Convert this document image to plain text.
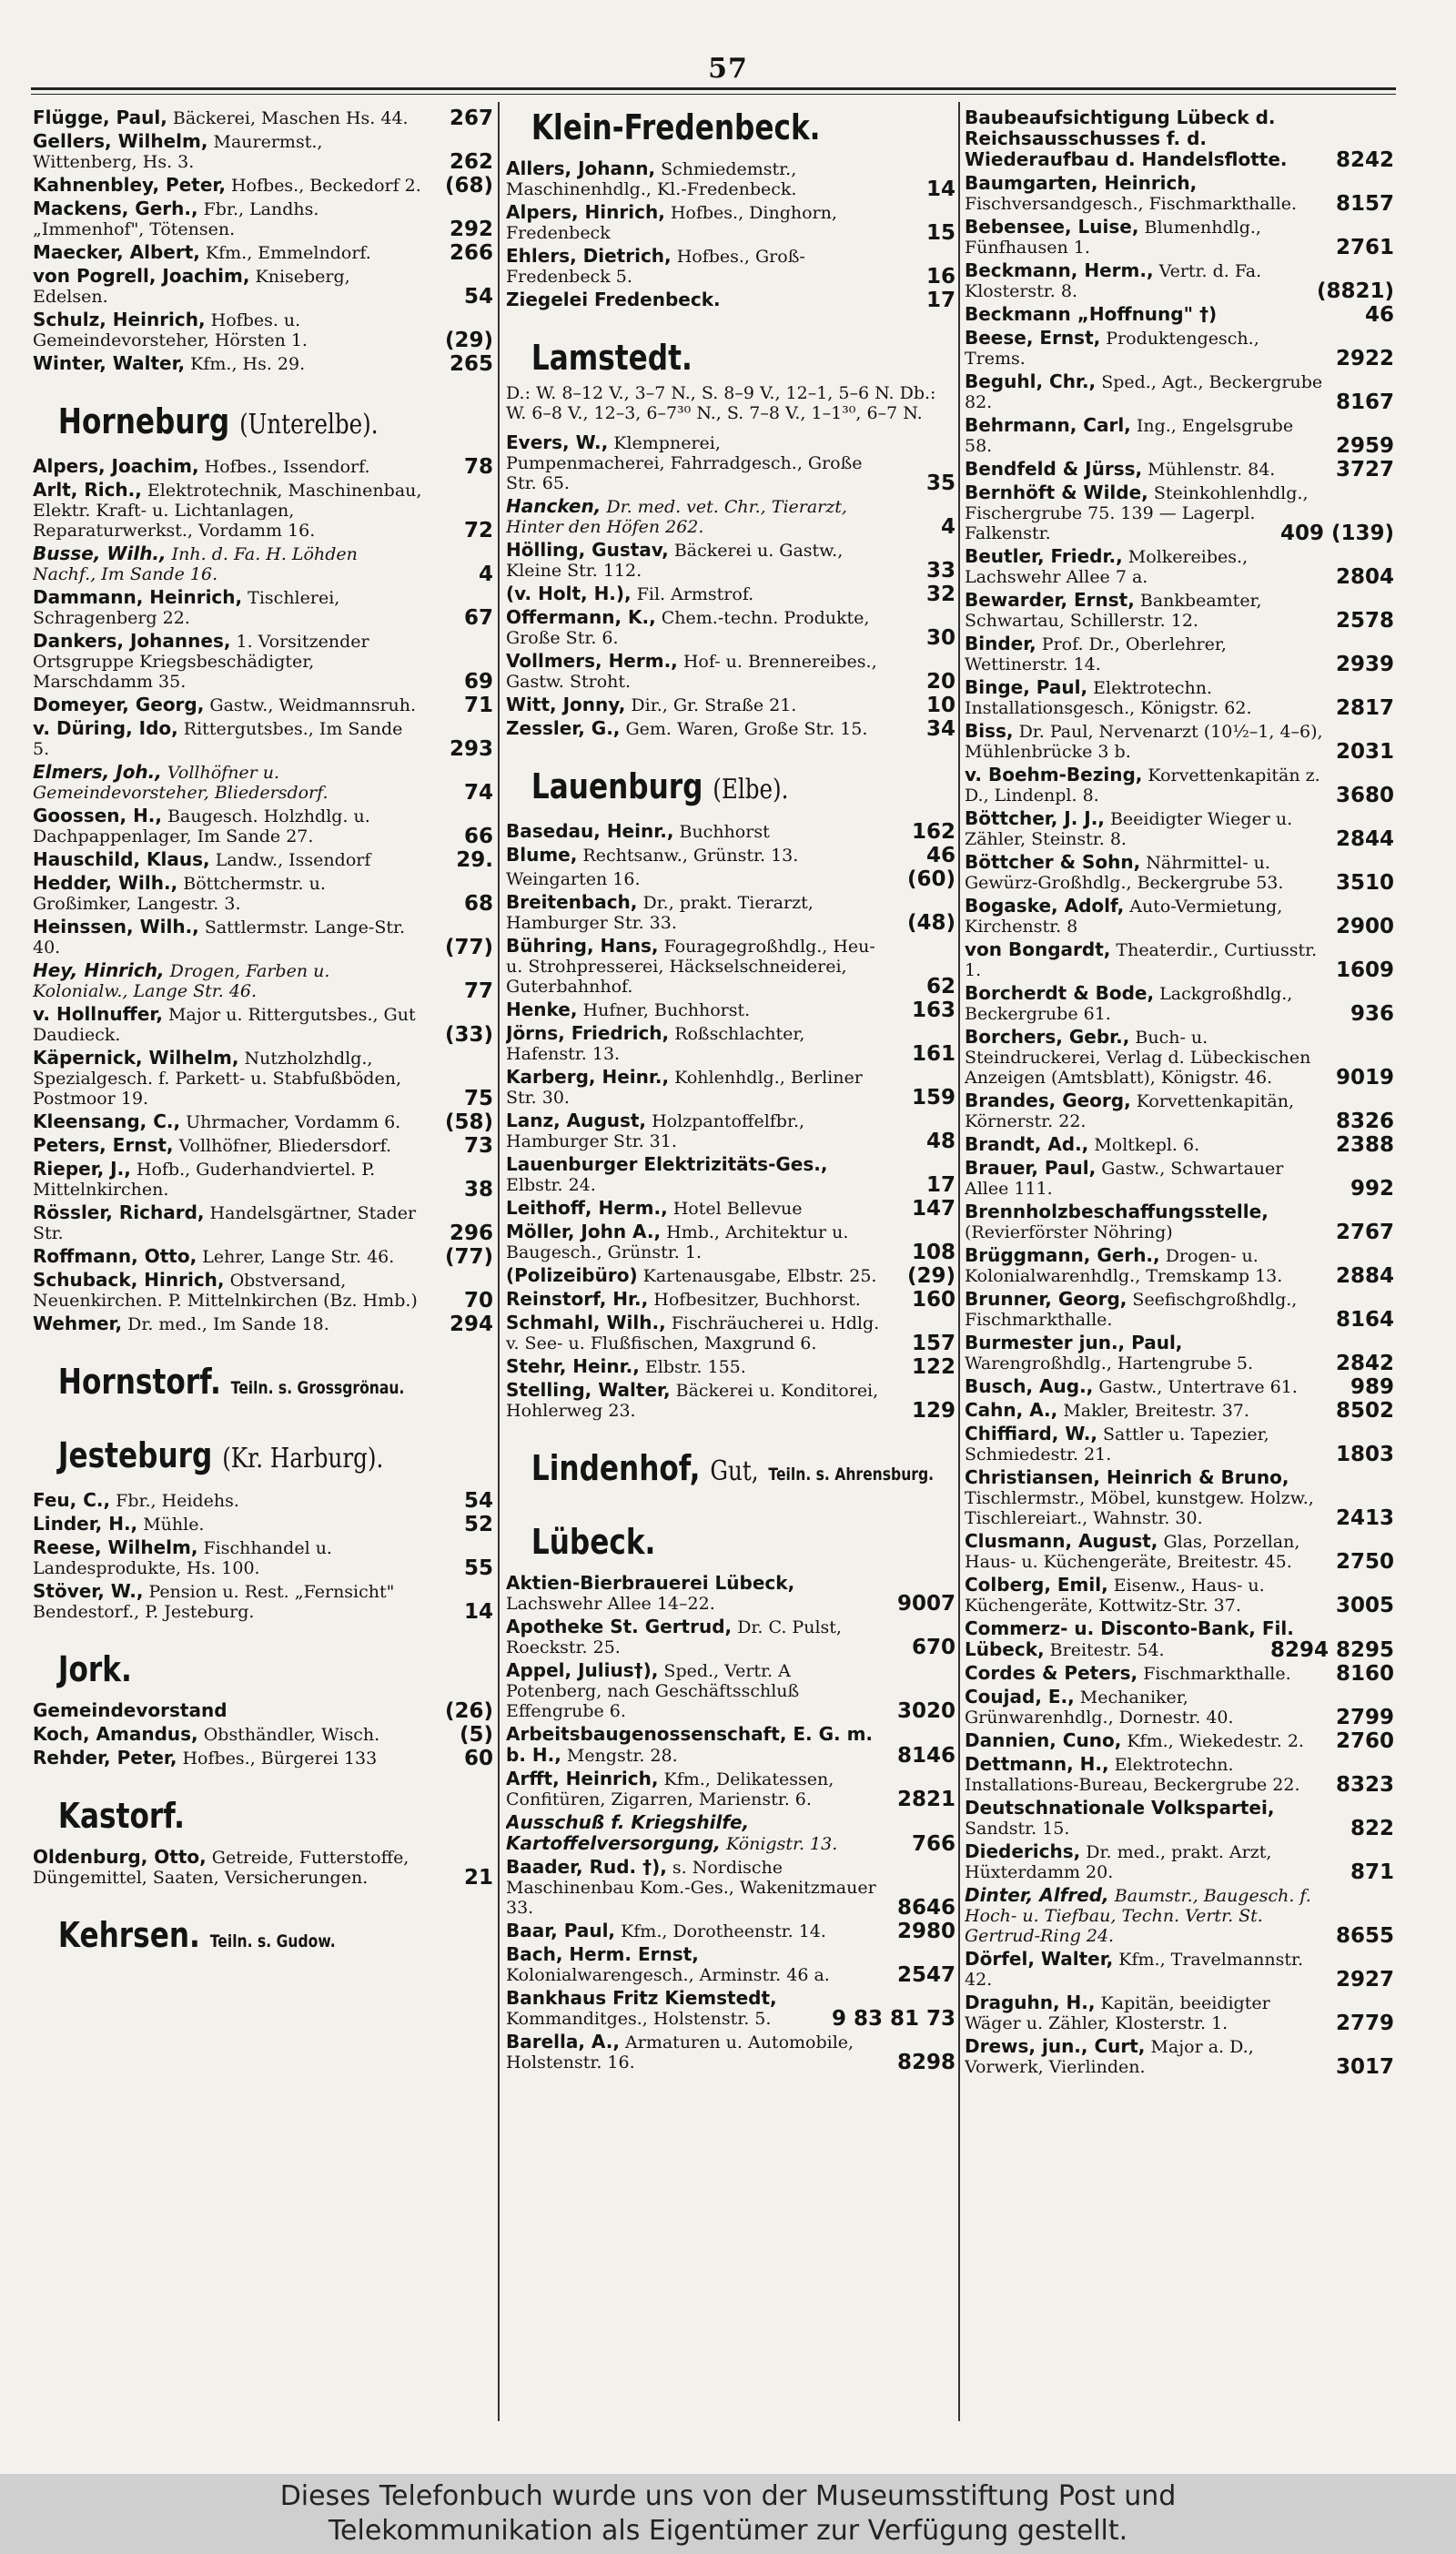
57
Flügge, Paul, Bäckerei, Maschen Hs. 44. 267
Gellers, Wilhelm, Maurermst., Wittenberg, Hs. 3.	262
Kahnenbley, Peter, Hofbes., Beckedorf 2. (68)
Mackens, Gerh., Fbr., Landhs. „Immenhof", Tötensen.	292
Maecker, Albert, Kfm., Emmelndorf.	266
von Pogrell, Joachim, Kniseberg, Edelsen.	54
Schulz, Heinrich, Hofbes. u. Gemeindevorsteher, Hörsten 1.	(29)
Winter, Walter, Kfm., Hs. 29.	265
Horneburg (Unterelbe).
Alpers, Joachim, Hofbes., Issendorf.	78
Arlt, Rich., Elektrotechnik, Maschinenbau, Elektr. Kraft- u. Lichtanlagen, Reparaturwerkst., Vordamm 16.	72
Busse, Wilh., Inh. d. Fa. H. Löhden Nachf., Im Sande 16.	4
Dammann, Heinrich, Tischlerei, Schragenberg 22.	67
Dankers, Johannes, 1. Vorsitzender Ortsgruppe Kriegsbeschädigter, Marschdamm 35.	69
Domeyer, Georg, Gastw., Weidmannsruh. 71
v. Düring, Ido, Rittergutsbes., Im Sande 5.	293
Elmers, Joh., Vollhöfner u. Gemeindevorsteher, Bliedersdorf.	74
Goossen, H., Baugesch. Holzhdlg. u. Dachpappenlager, Im Sande 27.	66
Hauschild, Klaus, Landw., Issendorf	29.
Hedder, Wilh., Böttchermstr. u. Großimker, Langestr. 3.	68
Heinssen, Wilh., Sattlermstr. Lange-Str. 40.	(77)
Hey, Hinrich, Drogen, Farben u. Kolonialw., Lange Str. 46.	77
v. Hollnuffer, Major u. Rittergutsbes., Gut Daudieck.	(33)
Käpernick, Wilhelm, Nutzholzhdlg., Spezialgesch. f. Parkett- u. Stabfußböden, Postmoor 19.	75
Kleensang, C., Uhrmacher, Vordamm 6. (58)
Peters, Ernst, Vollhöfner, Bliedersdorf.	73
Rieper, J., Hofb., Guderhandviertel. P. Mittelnkirchen.	38
Rössler, Richard, Handelsgärtner, Stader Str.	296
Roffmann, Otto, Lehrer, Lange Str. 46. (77)
Schuback, Hinrich, Obstversand, Neuenkirchen. P. Mittelnkirchen (Bz. Hmb.) 70
Wehmer, Dr. med., Im Sande 18.	294
Hornstorf. Teiln. s. Grossgrönau.
Jesteburg (Kr. Harburg).
Feu, C., Fbr., Heidehs.	54
Linder, H., Mühle.	52
Reese, Wilhelm, Fischhandel u. Landesprodukte, Hs. 100.	55
Stöver, W., Pension u. Rest. „Fernsicht" Bendestorf., P. Jesteburg.	14
Jork.
Gemeindevorstand	(26)
Koch, Amandus, Obsthändler, Wisch.	(5)
Rehder, Peter, Hofbes., Bürgerei 133	60
Kastorf.
Oldenburg, Otto, Getreide, Futterstoffe, Düngemittel, Saaten, Versicherungen.	21
Kehrsen. Teiln. s. Gudow.
Klein-Fredenbeck.
Allers, Johann, Schmiedemstr., Maschinenhdlg., Kl.-Fredenbeck.	14
Alpers, Hinrich, Hofbes., Dinghorn, Fredenbeck	15
Ehlers, Dietrich, Hofbes., Groß-Fredenbeck 5.	16
Ziegelei Fredenbeck.	17
Lamstedt.
D.: W. 8–12 V., 3–7 N., S. 8–9 V., 12–1, 5–6 N. Db.: W. 6–8 V., 12–3, 6–7³⁰ N., S. 7–8 V., 1–1³⁰, 6–7 N.
Evers, W., Klempnerei, Pumpenmacherei, Fahrradgesch., Große Str. 65.	35
Hancken, Dr. med. vet. Chr., Tierarzt, Hinter den Höfen 262.	4
Hölling, Gustav, Bäckerei u. Gastw., Kleine Str. 112.	33
(v. Holt, H.), Fil. Armstrof.	32
Offermann, K., Chem.-techn. Produkte, Große Str. 6.	30
Vollmers, Herm., Hof- u. Brennereibes., Gastw. Stroht.	20
Witt, Jonny, Dir., Gr. Straße 21.	10
Zessler, G., Gem. Waren, Große Str. 15.	34
Lauenburg (Elbe).
Basedau, Heinr., Buchhorst	162
Blume, Rechtsanw., Grünstr. 13.	46
Weingarten 16.	(60)
Breitenbach, Dr., prakt. Tierarzt, Hamburger Str. 33.	(48)
Bühring, Hans, Fouragegroßhdlg., Heu- u. Strohpresserei, Häckselschneiderei, Guterbahnhof.	62
Henke, Hufner, Buchhorst.	163
Jörns, Friedrich, Roßschlachter, Hafenstr. 13.	161
Karberg, Heinr., Kohlenhdlg., Berliner Str. 30.	159
Lanz, August, Holzpantoffelfbr., Hamburger Str. 31.	48
Lauenburger Elektrizitäts-Ges., Elbstr. 24.	17
Leithoff, Herm., Hotel Bellevue	147
Möller, John A., Hmb., Architektur u. Baugesch., Grünstr. 1.	108
(Polizeibüro) Kartenausgabe, Elbstr. 25. (29)
Reinstorf, Hr., Hofbesitzer, Buchhorst. 160
Schmahl, Wilh., Fischräucherei u. Hdlg. v. See- u. Flußfischen, Maxgrund 6.	157
Stehr, Heinr., Elbstr. 155.	122
Stelling, Walter, Bäckerei u. Konditorei, Hohlerweg 23.	129
Lindenhof, Gut, Teiln. s. Ahrensburg.
Lübeck.
Aktien-Bierbrauerei Lübeck, Lachswehr Allee 14–22.	9007
Apotheke St. Gertrud, Dr. C. Pulst, Roeckstr. 25.	670
Appel, Julius†), Sped., Vertr. A Potenberg, nach Geschäftsschluß Effengrube 6.	3020
Arbeitsbaugenossenschaft, E. G. m. b. H., Mengstr. 28.	8146
Arfft, Heinrich, Kfm., Delikatessen, Confitüren, Zigarren, Marienstr. 6.	2821
Ausschuß f. Kriegshilfe, Kartoffelversorgung, Königstr. 13.	766
Baader, Rud. †), s. Nordische Maschinenbau Kom.-Ges., Wakenitzmauer 33.	8646
Baar, Paul, Kfm., Dorotheenstr. 14.	2980
Bach, Herm. Ernst, Kolonialwarengesch., Arminstr. 46 a.	2547
Bankhaus Fritz Kiemstedt, Kommanditges., Holstenstr. 5.	9 83 81 73
Barella, A., Armaturen u. Automobile, Holstenstr. 16.	8298
Baubeaufsichtigung Lübeck d. Reichsausschusses f. d. Wiederaufbau d. Handelsflotte. 8242
Baumgarten, Heinrich, Fischversandgesch., Fischmarkthalle. 8157
Bebensee, Luise, Blumenhdlg., Fünfhausen 1.	2761
Beckmann, Herm., Vertr. d. Fa. Klosterstr. 8.	(8821)
Beckmann „Hoffnung" †)	46
Beese, Ernst, Produktengesch., Trems.	2922
Beguhl, Chr., Sped., Agt., Beckergrube 82.	8167
Behrmann, Carl, Ing., Engelsgrube 58.	2959
Bendfeld & Jürss, Mühlenstr. 84.	3727
Bernhöft & Wilde, Steinkohlenhdlg., Fischergrube 75. 139 — Lagerpl. Falkenstr.	409 (139)
Beutler, Friedr., Molkereibes., Lachswehr Allee 7 a.	2804
Bewarder, Ernst, Bankbeamter, Schwartau, Schillerstr. 12.	2578
Binder, Prof. Dr., Oberlehrer, Wettinerstr. 14.	2939
Binge, Paul, Elektrotechn. Installationsgesch., Königstr. 62.	2817
Biss, Dr. Paul, Nervenarzt (10½–1, 4–6), Mühlenbrücke 3 b.	2031
v. Boehm-Bezing, Korvettenkapitän z. D., Lindenpl. 8.	3680
Böttcher, J. J., Beeidigter Wieger u. Zähler, Steinstr. 8.	2844
Böttcher & Sohn, Nährmittel- u. Gewürz-Großhdlg., Beckergrube 53.	3510
Bogaske, Adolf, Auto-Vermietung, Kirchenstr. 8	2900
von Bongardt, Theaterdir., Curtiusstr. 1.	1609
Borcherdt & Bode, Lackgroßhdlg., Beckergrube 61.	936
Borchers, Gebr., Buch- u. Steindruckerei, Verlag d. Lübeckischen Anzeigen (Amtsblatt), Königstr. 46.	9019
Brandes, Georg, Korvettenkapitän, Körnerstr. 22.	8326
Brandt, Ad., Moltkepl. 6.	2388
Brauer, Paul, Gastw., Schwartauer Allee 111.	992
Brennholzbeschaffungsstelle, (Revierförster Nöhring)	2767
Brüggmann, Gerh., Drogen- u. Kolonialwarenhdlg., Tremskamp 13.	2884
Brunner, Georg, Seefischgroßhdlg., Fischmarkthalle.	8164
Burmester jun., Paul, Warengroßhdlg., Hartengrube 5.	2842
Busch, Aug., Gastw., Untertrave 61.	989
Cahn, A., Makler, Breitestr. 37.	8502
Chiffiard, W., Sattler u. Tapezier, Schmiedestr. 21.	1803
Christiansen, Heinrich & Bruno, Tischlermstr., Möbel, kunstgew. Holzw., Tischlereiart., Wahnstr. 30.	2413
Clusmann, August, Glas, Porzellan, Haus- u. Küchengeräte, Breitestr. 45. 2750
Colberg, Emil, Eisenw., Haus- u. Küchengeräte, Kottwitz-Str. 37.	3005
Commerz- u. Disconto-Bank, Fil. Lübeck, Breitestr. 54.	8294 8295
Cordes & Peters, Fischmarkthalle. 8160
Coujad, E., Mechaniker, Grünwarenhdlg., Dornestr. 40.	2799
Dannien, Cuno, Kfm., Wiekedestr. 2. 2760
Dettmann, H., Elektrotechn. Installations-Bureau, Beckergrube 22. 8323
Deutschnationale Volkspartei, Sandstr. 15.	822
Diederichs, Dr. med., prakt. Arzt, Hüxterdamm 20.	871
Dinter, Alfred, Baumstr., Baugesch. f. Hoch- u. Tiefbau, Techn. Vertr. St. Gertrud-Ring 24.	8655
Dörfel, Walter, Kfm., Travelmannstr. 42.	2927
Draguhn, H., Kapitän, beeidigter Wäger u. Zähler, Klosterstr. 1.	2779
Drews, jun., Curt, Major a. D., Vorwerk, Vierlinden.	3017
Dieses Telefonbuch wurde uns von der Museumsstiftung Post und
Telekommunikation als Eigentümer zur Verfügung gestellt.
